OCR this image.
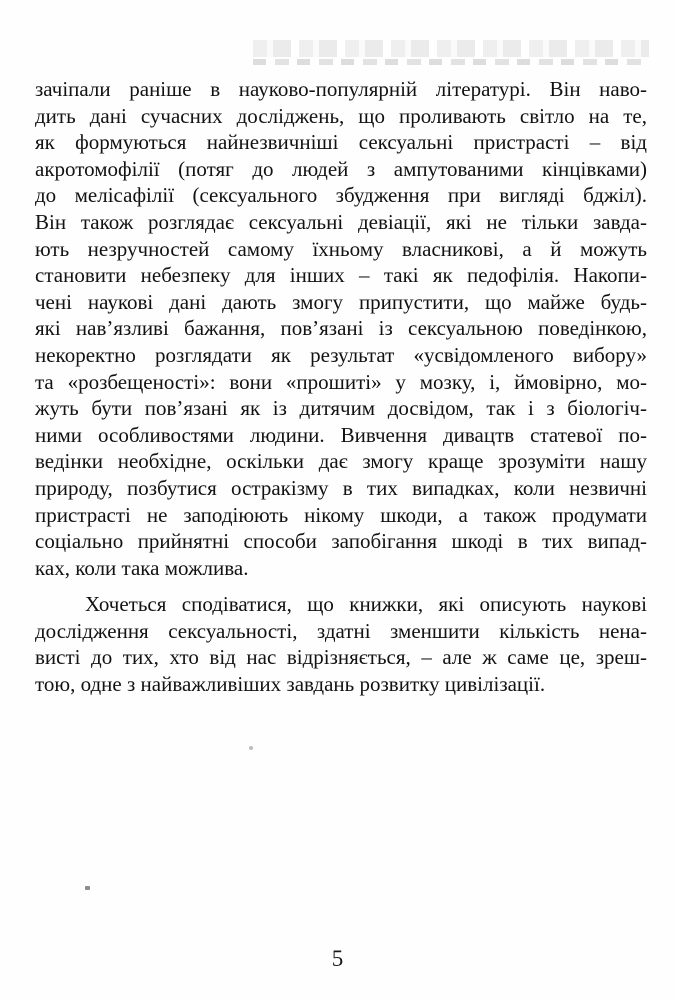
зачіпали раніше в науково-популярній літературі. Він наво-
дить дані сучасних досліджень, що проливають світло на те,
як формуються найнезвичніші сексуальні пристрасті – від
акротомофілії (потяг до людей з ампутованими кінцівками)
до мелісафілії (сексуального збудження при вигляді бджіл).
Він також розглядає сексуальні девіації, які не тільки завда-
ють незручностей самому їхньому власникові, а й можуть
становити небезпеку для інших – такі як педофілія. Накопи-
чені наукові дані дають змогу припустити, що майже будь-
які нав’язливі бажання, пов’язані із сексуальною поведінкою,
некоректно розглядати як результат «усвідомленого вибору»
та «розбещеності»: вони «прошиті» у мозку, і, ймовірно, мо-
жуть бути пов’язані як із дитячим досвідом, так і з біологіч-
ними особливостями людини. Вивчення дивацтв статевої по-
ведінки необхідне, оскільки дає змогу краще зрозуміти нашу
природу, позбутися остракізму в тих випадках, коли незвичні
пристрасті не заподіюють нікому шкоди, а також продумати
соціально прийнятні способи запобігання шкоді в тих випад-
ках, коли така можлива.
Хочеться сподіватися, що книжки, які описують наукові
дослідження сексуальності, здатні зменшити кількість нена-
висті до тих, хто від нас відрізняється, – але ж саме це, зреш-
тою, одне з найважливіших завдань розвитку цивілізації.
5
